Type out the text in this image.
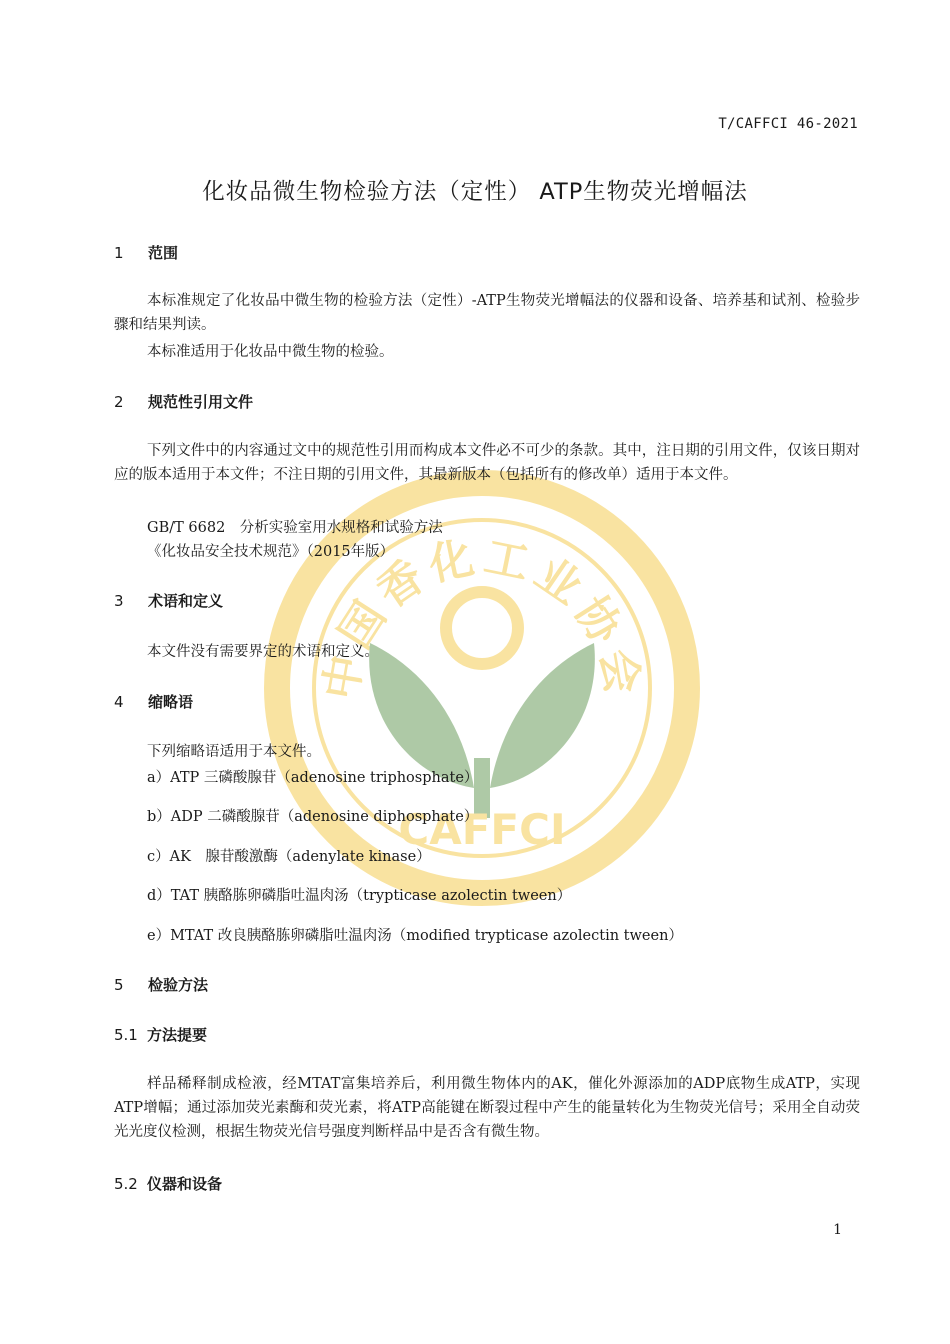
中国香化工业协会
CAFFCI

T/CAFFCI 46-2021

化妆品微生物检验方法（定性） ATP生物荧光增幅法
1 范围

本标准规定了化妆品中微生物的检验方法（定性）-ATP生物荧光增幅法的仪器和设备、培养基和试剂、检验步骤和结果判读。

本标准适用于化妆品中微生物的检验。

2 规范性引用文件

下列文件中的内容通过文中的规范性引用而构成本文件必不可少的条款。其中，注日期的引用文件，仅该日期对应的版本适用于本文件；不注日期的引用文件，其最新版本（包括所有的修改单）适用于本文件。

GB/T 6682　分析实验室用水规格和试验方法

《化妆品安全技术规范》（2015年版）

3 术语和定义

本文件没有需要界定的术语和定义。

4 缩略语

下列缩略语适用于本文件。

a）ATP 三磷酸腺苷（adenosine triphosphate）

b）ADP 二磷酸腺苷（adenosine diphosphate）

c）AK　腺苷酸激酶（adenylate kinase）

d）TAT 胰酪胨卵磷脂吐温肉汤（trypticase azolectin tween）

e）MTAT 改良胰酪胨卵磷脂吐温肉汤（modified trypticase azolectin tween）

5 检验方法
5.1 方法提要

样品稀释制成检液，经MTAT富集培养后，利用微生物体内的AK，催化外源添加的ADP底物生成ATP，实现ATP增幅；通过添加荧光素酶和荧光素，将ATP高能键在断裂过程中产生的能量转化为生物荧光信号；采用全自动荧光光度仪检测，根据生物荧光信号强度判断样品中是否含有微生物。

5.2 仪器和设备

1
